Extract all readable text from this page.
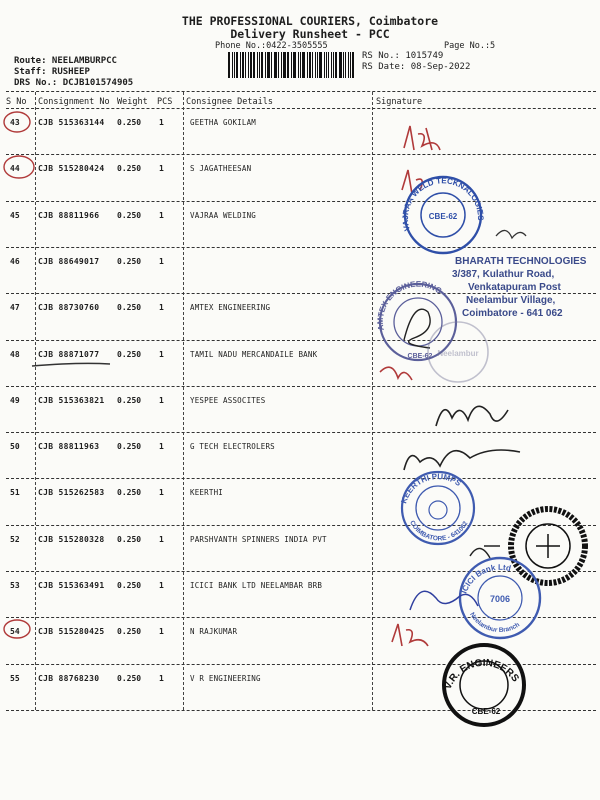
THE PROFESSIONAL COURIERS, Coimbatore
Delivery Runsheet - PCC
Phone No.:0422-3505555	Page No.:5
Route: NEELAMBURPCC
Staff: RUSHEEP
DRS No.: DCJB101574905
RS No.: 1015749
RS Date: 08-Sep-2022
S No Consignment No Weight PCS Consignee Details	Signature
43 CJB 515363144 0.250 1	GEETHA GOKILAM
44 CJB 515280424 0.250 1	S JAGATHEESAN
45 CJB 88811966 0.250 1	VAJRAA WELDING
46 CJB 88649017 0.250 1
47 CJB 88730760 0.250 1	AMTEX ENGINEERING
48 CJB 88871077 0.250 1	TAMIL NADU MERCANDAILE BANK
49 CJB 515363821 0.250 1	YESPEE ASSOCITES
50 CJB 88811963 0.250 1	G TECH ELECTROLERS
51 CJB 515262583 0.250 1	KEERTHI
52 CJB 515280328 0.250 1	PARSHVANTH SPINNERS INDIA PVT
53 CJB 515363491 0.250 1	ICICI BANK LTD NEELAMBAR BRB
54 CJB 515280425 0.250 1	N RAJKUMAR
55 CJB 88768230 0.250 1	V R ENGINEERING
VAJRAA WELD TECKNALOGIES
CBE-62
BHARATH TECHNOLOGIES
3/387, Kulathur Road,
Venkatapuram Post
Neelambur Village,
Coimbatore - 641 062
AMTEX ENGINEERING
CBE-62 Neelambur
KEERTHI PUMPS
COIMBATORE - 641062
ICICI Bank Ltd
7006
Neelambur Branch
V.R. ENGINEERS
CBE-62
